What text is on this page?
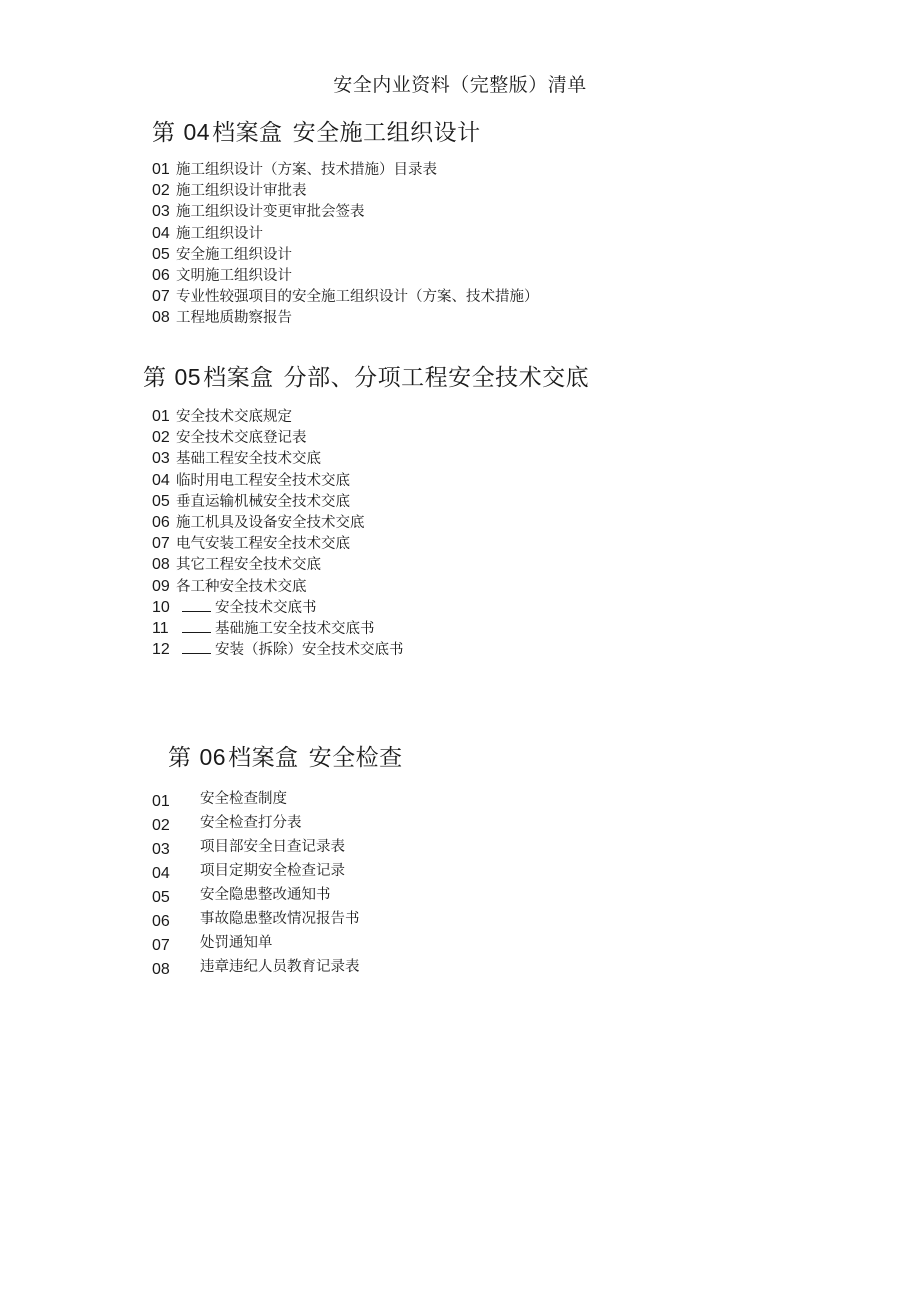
安全内业资料（完整版）清单
第 04档案盒 安全施工组织设计
01 施工组织设计（方案、技术措施）目录表
02 施工组织设计审批表
03 施工组织设计变更审批会签表
04 施工组织设计
05 安全施工组织设计
06 文明施工组织设计
07 专业性较强项目的安全施工组织设计（方案、技术措施）
08 工程地质勘察报告
第 05档案盒 分部、分项工程安全技术交底
01 安全技术交底规定
02 安全技术交底登记表
03 基础工程安全技术交底
04 临时用电工程安全技术交底
05 垂直运输机械安全技术交底
06 施工机具及设备安全技术交底
07 电气安装工程安全技术交底
08 其它工程安全技术交底
09 各工种安全技术交底
10	安全技术交底书
11	基础施工安全技术交底书
12	安装（拆除）安全技术交底书
第 06档案盒 安全检查
01 安全检查制度
02 安全检查打分表
03 项目部安全日查记录表
04 项目定期安全检查记录
05 安全隐患整改通知书
06 事故隐患整改情况报告书
07 处罚通知单
08 违章违纪人员教育记录表
